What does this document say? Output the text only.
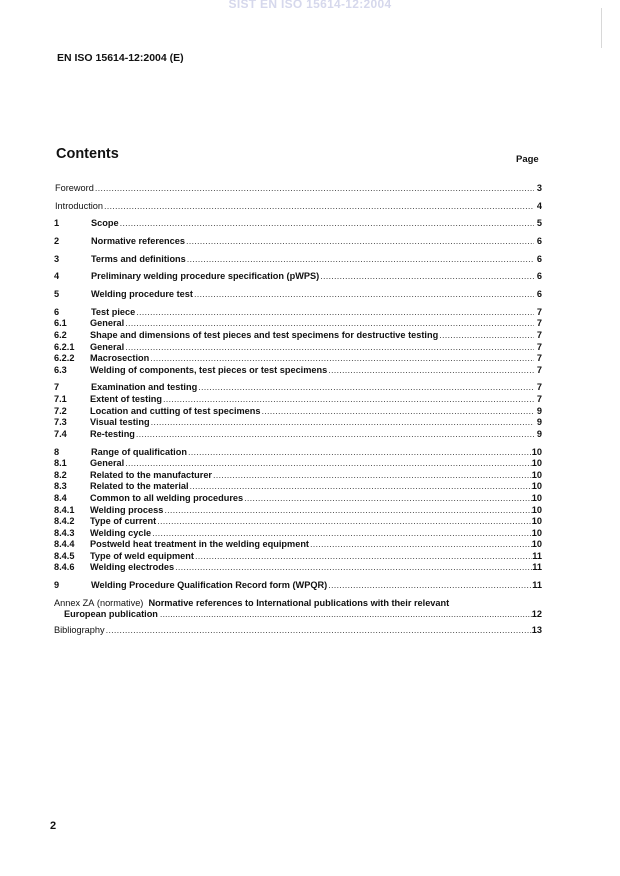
SIST EN ISO 15614-12:2004
EN ISO 15614-12:2004 (E)
Contents	Page
Foreword .....	3
Introduction .....	4
1	Scope .....	5
2	Normative references .....	6
3	Terms and definitions .....	6
4	Preliminary welding procedure specification (pWPS) .....	6
5	Welding procedure test .....	6
6	Test piece .....	7
6.1	General .....	7
6.2	Shape and dimensions of test pieces and test specimens for destructive testing .....	7
6.2.1	General .....	7
6.2.2	Macrosection .....	7
6.3	Welding of components, test pieces or test specimens .....	7
7	Examination and testing .....	7
7.1	Extent of testing .....	7
7.2	Location and cutting of test specimens .....	9
7.3	Visual testing .....	9
7.4	Re-testing .....	9
8	Range of qualification .....	10
8.1	General .....	10
8.2	Related to the manufacturer .....	10
8.3	Related to the material .....	10
8.4	Common to all welding procedures .....	10
8.4.1	Welding process .....	10
8.4.2	Type of current .....	10
8.4.3	Welding cycle .....	10
8.4.4	Postweld heat treatment in the welding equipment .....	10
8.4.5	Type of weld equipment .....	11
8.4.6	Welding electrodes .....	11
9	Welding Procedure Qualification Record form (WPQR) .....	11
Annex ZA
(normative)
Normative references to International publications with their relevant
European publication .....	12
Bibliography .....	13
2
